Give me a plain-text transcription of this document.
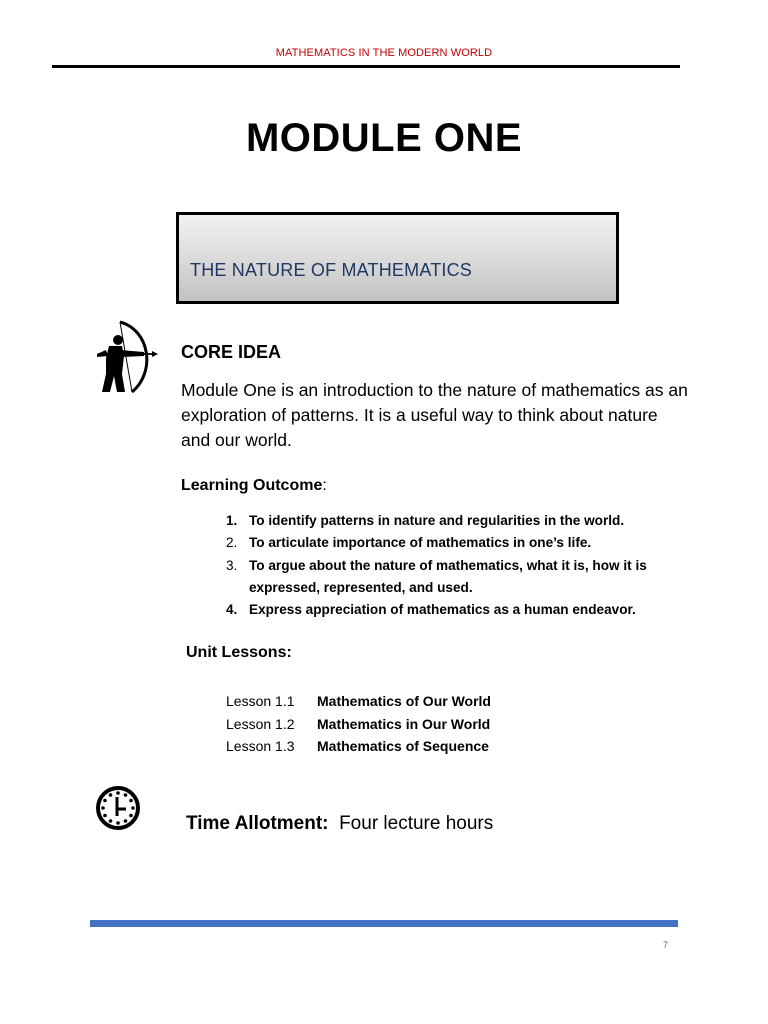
MATHEMATICS IN THE MODERN WORLD
MODULE ONE
THE NATURE OF MATHEMATICS
CORE IDEA
Module One is an introduction to the nature of mathematics as an exploration of patterns. It is a useful way to think about nature and our world.
Learning Outcome:
1. To identify patterns in nature and regularities in the world.
2. To articulate importance of mathematics in one’s life.
3. To argue about the nature of mathematics, what it is, how it is expressed, represented, and used.
4. Express appreciation of mathematics as a human endeavor.
Unit Lessons:
Lesson 1.1	Mathematics of Our World
Lesson 1.2	Mathematics in Our World
Lesson 1.3	Mathematics of Sequence
Time Allotment: Four lecture hours
7
